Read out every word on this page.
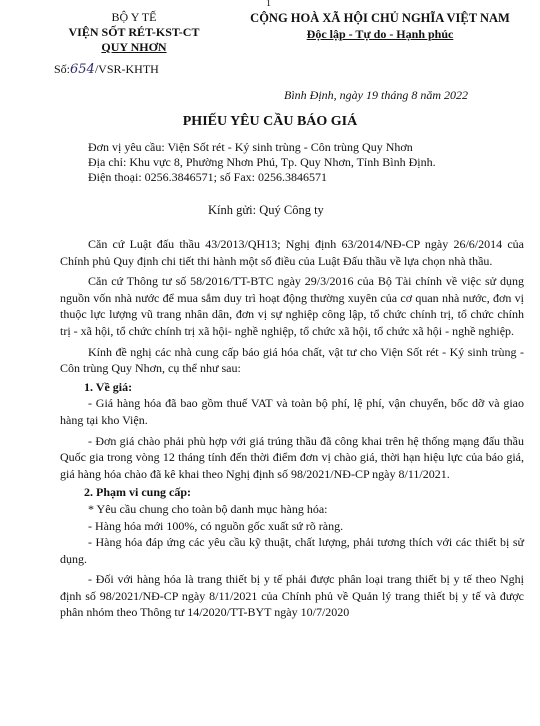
1
BỘ Y TẾ
VIỆN SỐT RÉT-KST-CT
QUY NHƠN
CỘNG HOÀ XÃ HỘI CHỦ NGHĨA VIỆT NAM
Độc lập - Tự do - Hạnh phúc
Số:654/VSR-KHTH
Bình Định, ngày 19 tháng 8 năm 2022
PHIẾU YÊU CẦU BÁO GIÁ
Đơn vị yêu cầu: Viện Sốt rét - Ký sinh trùng - Côn trùng Quy Nhơn
Địa chỉ: Khu vực 8, Phường Nhơn Phú, Tp. Quy Nhơn, Tỉnh Bình Định.
Điện thoại: 0256.3846571; số Fax: 0256.3846571
Kính gửi: Quý Công ty

Căn cứ Luật đấu thầu 43/2013/QH13; Nghị định 63/2014/NĐ-CP ngày 26/6/2014 của Chính phủ Quy định chi tiết thi hành một số điều của Luật Đấu thầu về lựa chọn nhà thầu.

Căn cứ Thông tư số 58/2016/TT-BTC ngày 29/3/2016 của Bộ Tài chính về việc sử dụng nguồn vốn nhà nước để mua sắm duy trì hoạt động thường xuyên của cơ quan nhà nước, đơn vị thuộc lực lượng vũ trang nhân dân, đơn vị sự nghiệp công lập, tổ chức chính trị, tổ chức chính trị - xã hội, tổ chức chính trị xã hội- nghề nghiệp, tổ chức xã hội, tổ chức xã hội - nghề nghiệp.

Kính đề nghị các nhà cung cấp báo giá hóa chất, vật tư cho Viện Sốt rét - Ký sinh trùng - Côn trùng Quy Nhơn, cụ thể như sau:

1. Về giá:

- Giá hàng hóa đã bao gồm thuế VAT và toàn bộ phí, lệ phí, vận chuyển, bốc dỡ và giao hàng tại kho Viện.

- Đơn giá chào phải phù hợp với giá trúng thầu đã công khai trên hệ thống mạng đấu thầu Quốc gia trong vòng 12 tháng tính đến thời điểm đơn vị chào giá, thời hạn hiệu lực của báo giá, giá hàng hóa chào đã kê khai theo Nghị định số 98/2021/NĐ-CP ngày 8/11/2021.

2. Phạm vi cung cấp:

* Yêu cầu chung cho toàn bộ danh mục hàng hóa:

- Hàng hóa mới 100%, có nguồn gốc xuất sứ rõ ràng.

- Hàng hóa đáp ứng các yêu cầu kỹ thuật, chất lượng, phải tương thích với các thiết bị sử dụng.

- Đối với hàng hóa là trang thiết bị y tế phải được phân loại trang thiết bị y tế theo Nghị định số 98/2021/NĐ-CP ngày 8/11/2021 của Chính phủ về Quản lý trang thiết bị y tế và được phân nhóm theo Thông tư 14/2020/TT-BYT ngày 10/7/2020
